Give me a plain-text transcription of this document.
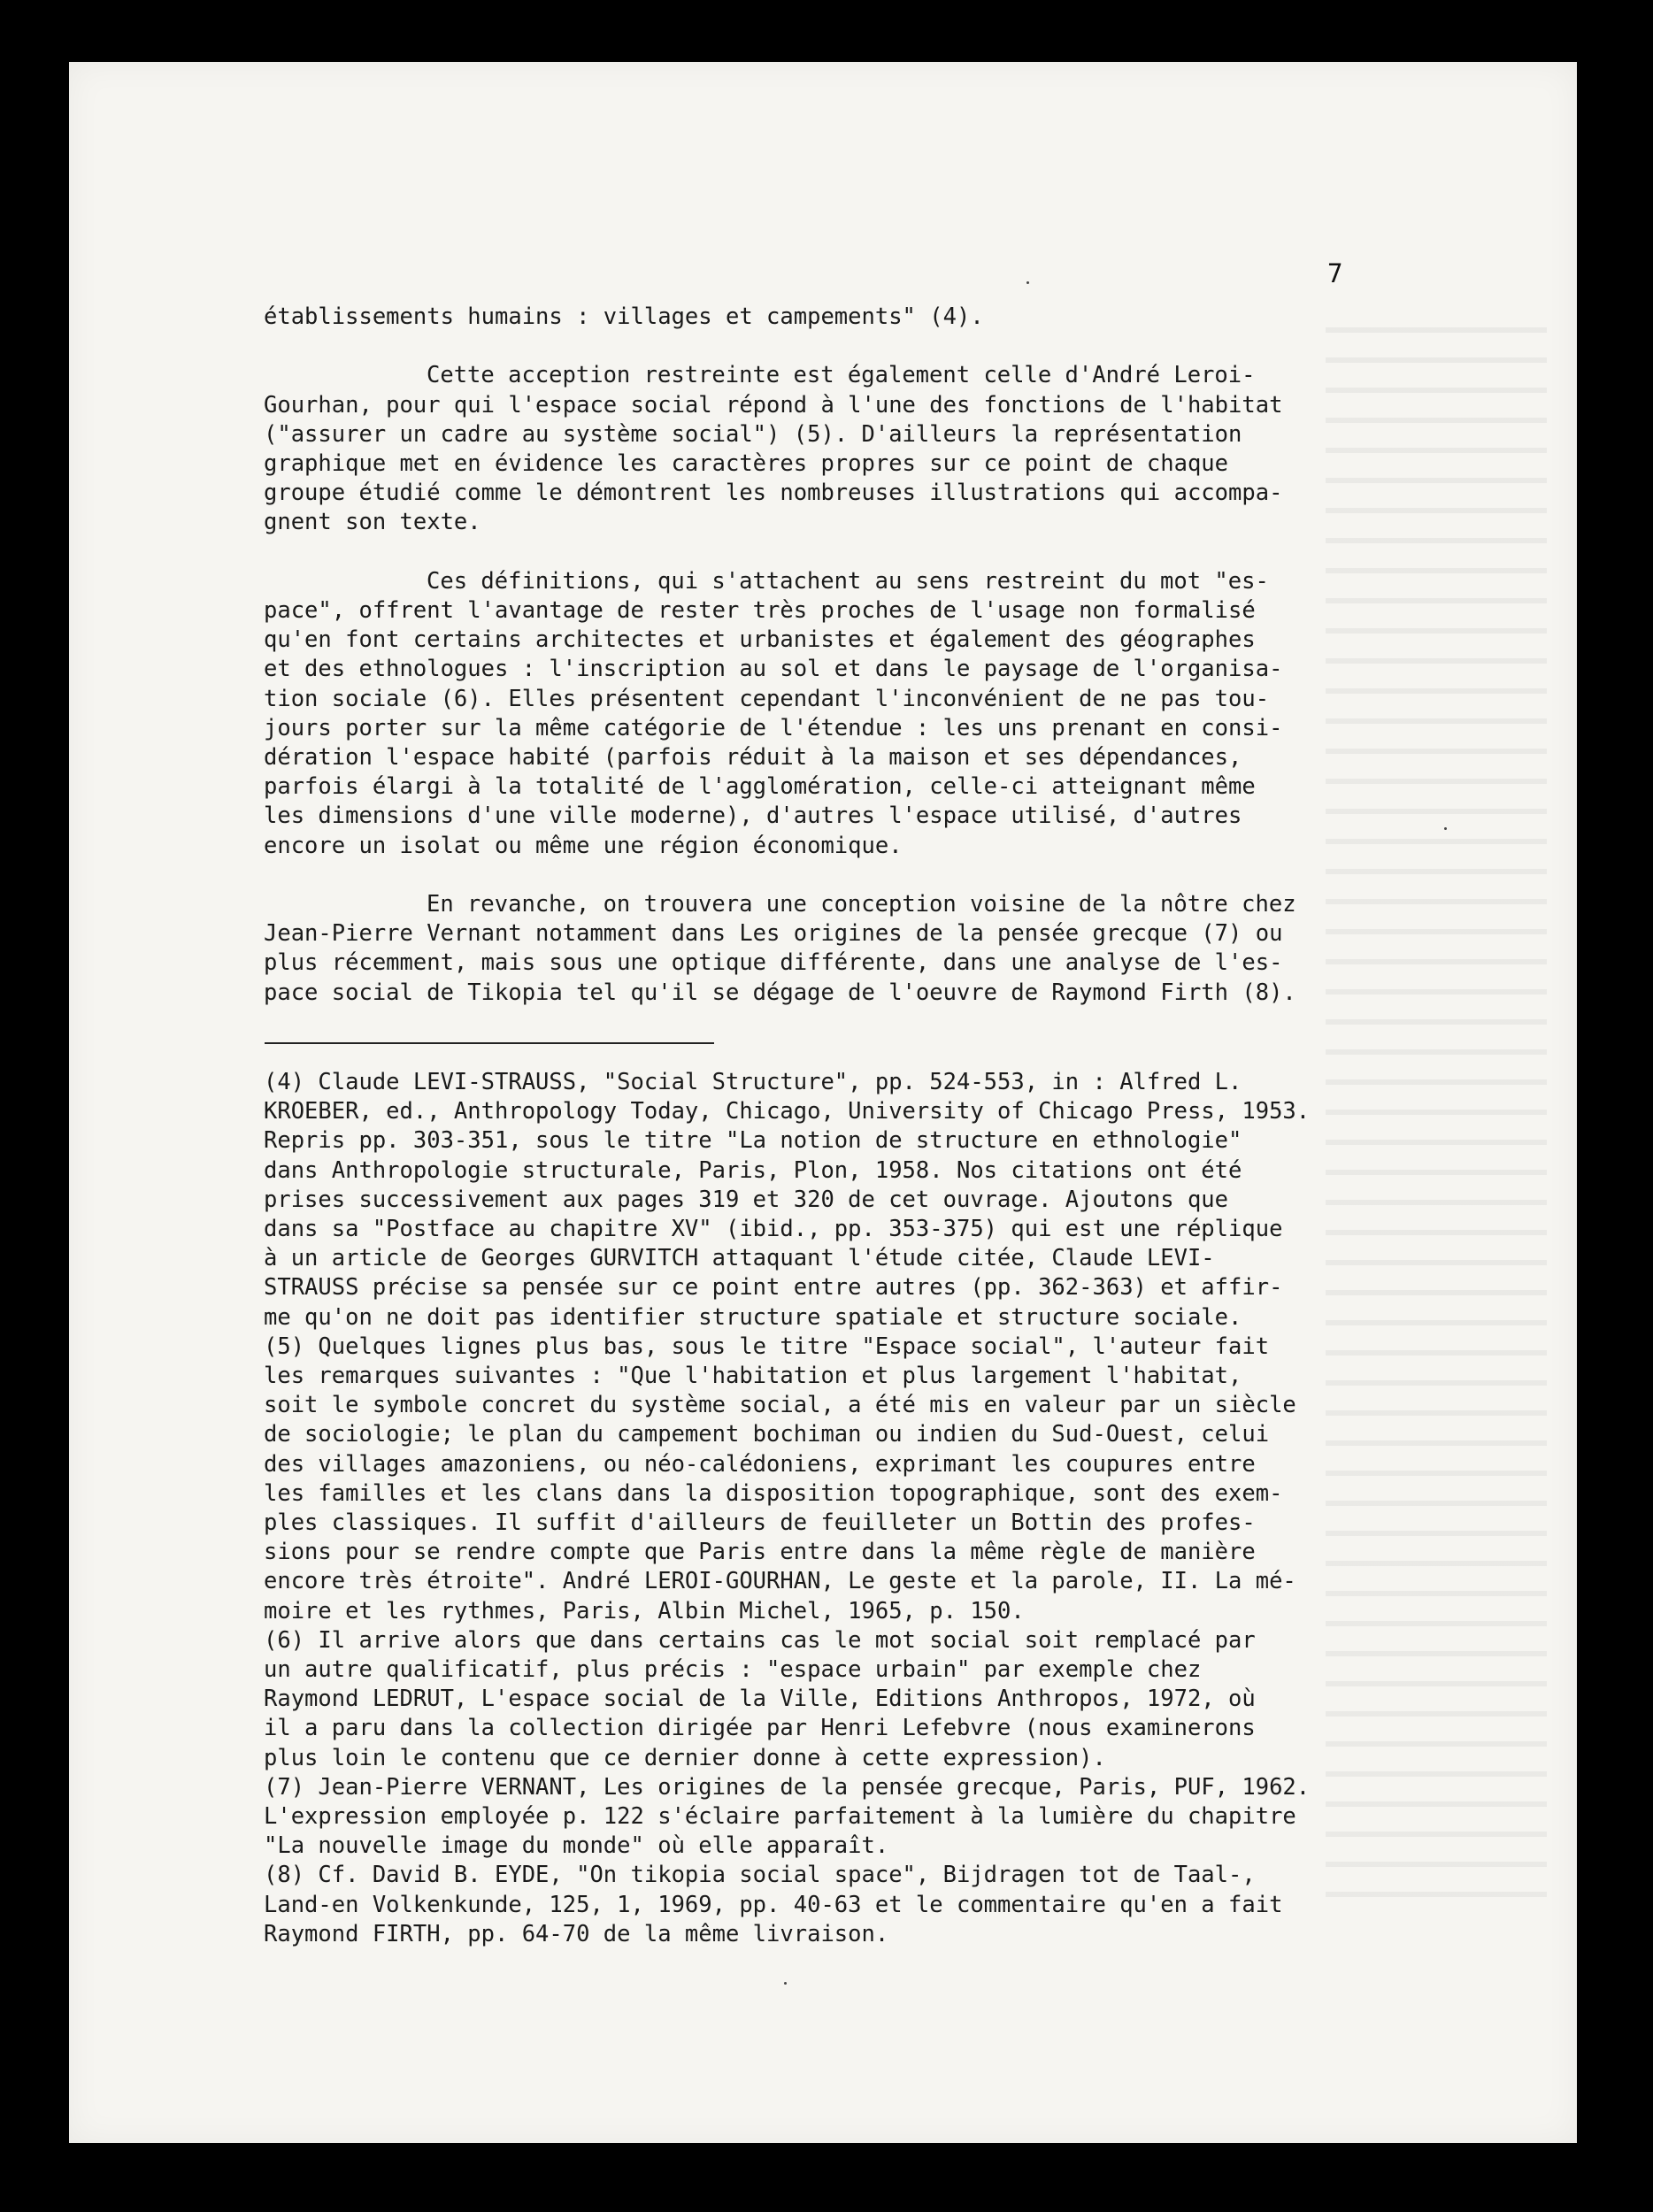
7
établissements humains : villages et campements" (4).
Cette acception restreinte est également celle d'André Leroi-
Gourhan, pour qui l'espace social répond à l'une des fonctions de l'habitat
("assurer un cadre au système social") (5). D'ailleurs la représentation
graphique met en évidence les caractères propres sur ce point de chaque
groupe étudié comme le démontrent les nombreuses illustrations qui accompa-
gnent son texte.
Ces définitions, qui s'attachent au sens restreint du mot "es-
pace", offrent l'avantage de rester très proches de l'usage non formalisé
qu'en font certains architectes et urbanistes et également des géographes
et des ethnologues : l'inscription au sol et dans le paysage de l'organisa-
tion sociale (6). Elles présentent cependant l'inconvénient de ne pas tou-
jours porter sur la même catégorie de l'étendue : les uns prenant en consi-
dération l'espace habité (parfois réduit à la maison et ses dépendances,
parfois élargi à la totalité de l'agglomération, celle-ci atteignant même
les dimensions d'une ville moderne), d'autres l'espace utilisé, d'autres
encore un isolat ou même une région économique.
En revanche, on trouvera une conception voisine de la nôtre chez
Jean-Pierre Vernant notamment dans Les origines de la pensée grecque (7) ou
plus récemment, mais sous une optique différente, dans une analyse de l'es-
pace social de Tikopia tel qu'il se dégage de l'oeuvre de Raymond Firth (8).
(4) Claude LEVI-STRAUSS, "Social Structure", pp. 524-553, in : Alfred L.
KROEBER, ed., Anthropology Today, Chicago, University of Chicago Press, 1953.
Repris pp. 303-351, sous le titre "La notion de structure en ethnologie"
dans Anthropologie structurale, Paris, Plon, 1958. Nos citations ont été
prises successivement aux pages 319 et 320 de cet ouvrage. Ajoutons que
dans sa "Postface au chapitre XV" (ibid., pp. 353-375) qui est une réplique
à un article de Georges GURVITCH attaquant l'étude citée, Claude LEVI-
STRAUSS précise sa pensée sur ce point entre autres (pp. 362-363) et affir-
me qu'on ne doit pas identifier structure spatiale et structure sociale.
(5) Quelques lignes plus bas, sous le titre "Espace social", l'auteur fait
les remarques suivantes : "Que l'habitation et plus largement l'habitat,
soit le symbole concret du système social, a été mis en valeur par un siècle
de sociologie; le plan du campement bochiman ou indien du Sud-Ouest, celui
des villages amazoniens, ou néo-calédoniens, exprimant les coupures entre
les familles et les clans dans la disposition topographique, sont des exem-
ples classiques. Il suffit d'ailleurs de feuilleter un Bottin des profes-
sions pour se rendre compte que Paris entre dans la même règle de manière
encore très étroite". André LEROI-GOURHAN, Le geste et la parole, II. La mé-
moire et les rythmes, Paris, Albin Michel, 1965, p. 150.
(6) Il arrive alors que dans certains cas le mot social soit remplacé par
un autre qualificatif, plus précis : "espace urbain" par exemple chez
Raymond LEDRUT, L'espace social de la Ville, Editions Anthropos, 1972, où
il a paru dans la collection dirigée par Henri Lefebvre (nous examinerons
plus loin le contenu que ce dernier donne à cette expression).
(7) Jean-Pierre VERNANT, Les origines de la pensée grecque, Paris, PUF, 1962.
L'expression employée p. 122 s'éclaire parfaitement à la lumière du chapitre
"La nouvelle image du monde" où elle apparaît.
(8) Cf. David B. EYDE, "On tikopia social space", Bijdragen tot de Taal-,
Land-en Volkenkunde, 125, 1, 1969, pp. 40-63 et le commentaire qu'en a fait
Raymond FIRTH, pp. 64-70 de la même livraison.
